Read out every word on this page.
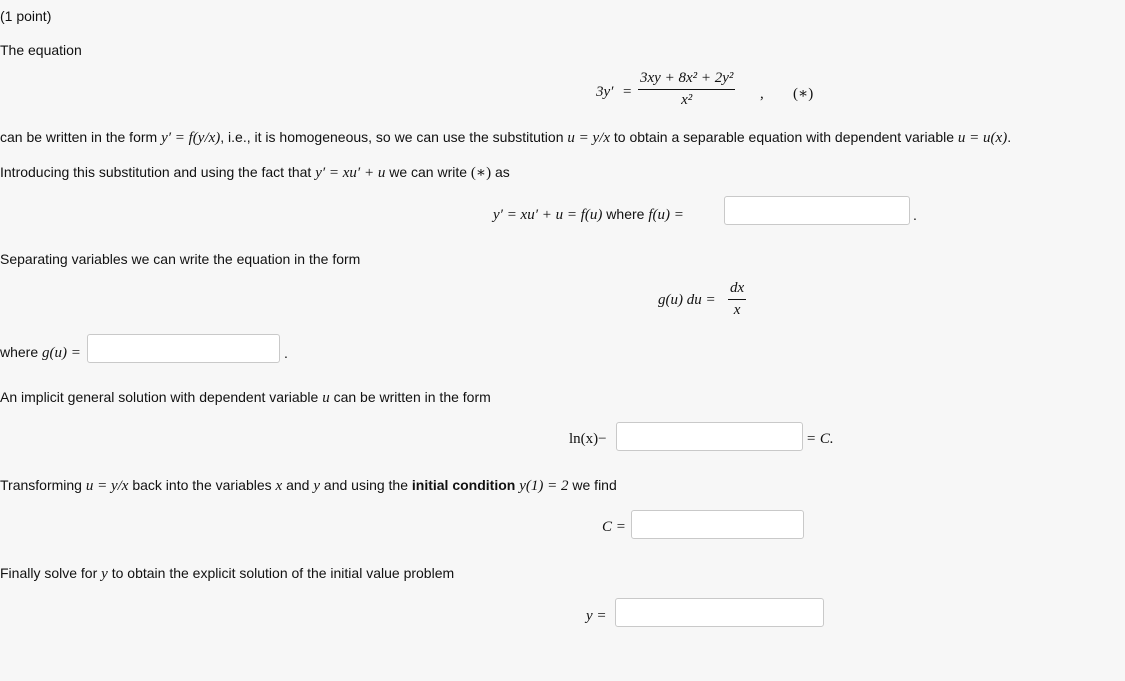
(1 point)
The equation
$3y' = \frac{\text{3xy + 8x² + 2y²}}{\text{x²}}$ , (∗)
can be written in the form y′ = f(y/x), i.e., it is homogeneous, so we can use the substitution u = y/x to obtain a separable equation with dependent variable u = u(x).
Introducing this substitution and using the fact that y′ = xu′ + u we can write (∗) as
y′ = xu′ + u = f(u) where f(u) =	.
Separating variables we can write the equation in the form
g(u) du = $\frac{dx}{x}$
where g(u) =	.
An implicit general solution with dependent variable u can be written in the form
ln(x)−	= C.
Transforming u = y/x back into the variables x and y and using the initial condition y(1) = 2 we find
C =
Finally solve for y to obtain the explicit solution of the initial value problem
y =
